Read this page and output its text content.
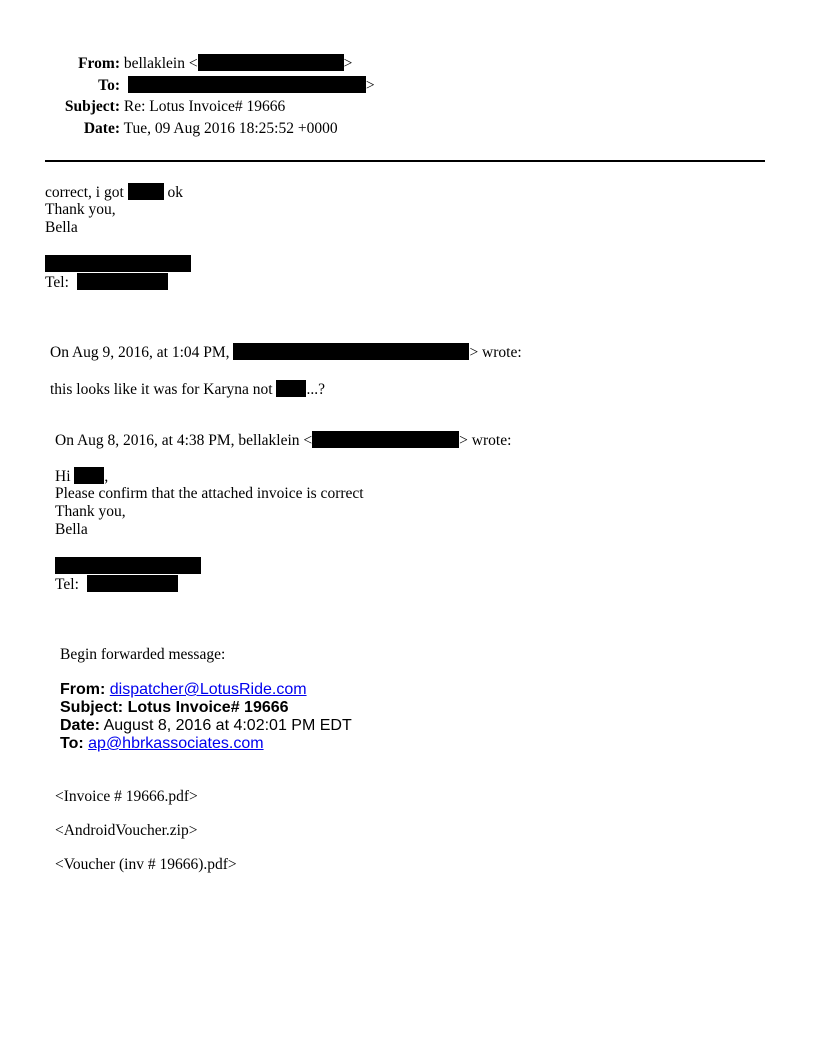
From: bellaklein <	>
To:	>
Subject: Re: Lotus Invoice# 19666
Date: Tue, 09 Aug 2016 18:25:52 +0000
correct, i got	ok
Thank you,
Bella
Tel:
On Aug 9, 2016, at 1:04 PM,	> wrote:
this looks like it was for Karyna not ...?
On Aug 8, 2016, at 4:38 PM, bellaklein <	> wrote:
Hi ,
Please confirm that the attached invoice is correct
Thank you,
Bella
Tel:
Begin forwarded message:
From: dispatcher@LotusRide.com
Subject: Lotus Invoice# 19666
Date: August 8, 2016 at 4:02:01 PM EDT
To: ap@hbrkassociates.com
<Invoice # 19666.pdf>
<AndroidVoucher.zip>
<Voucher (inv # 19666).pdf>
